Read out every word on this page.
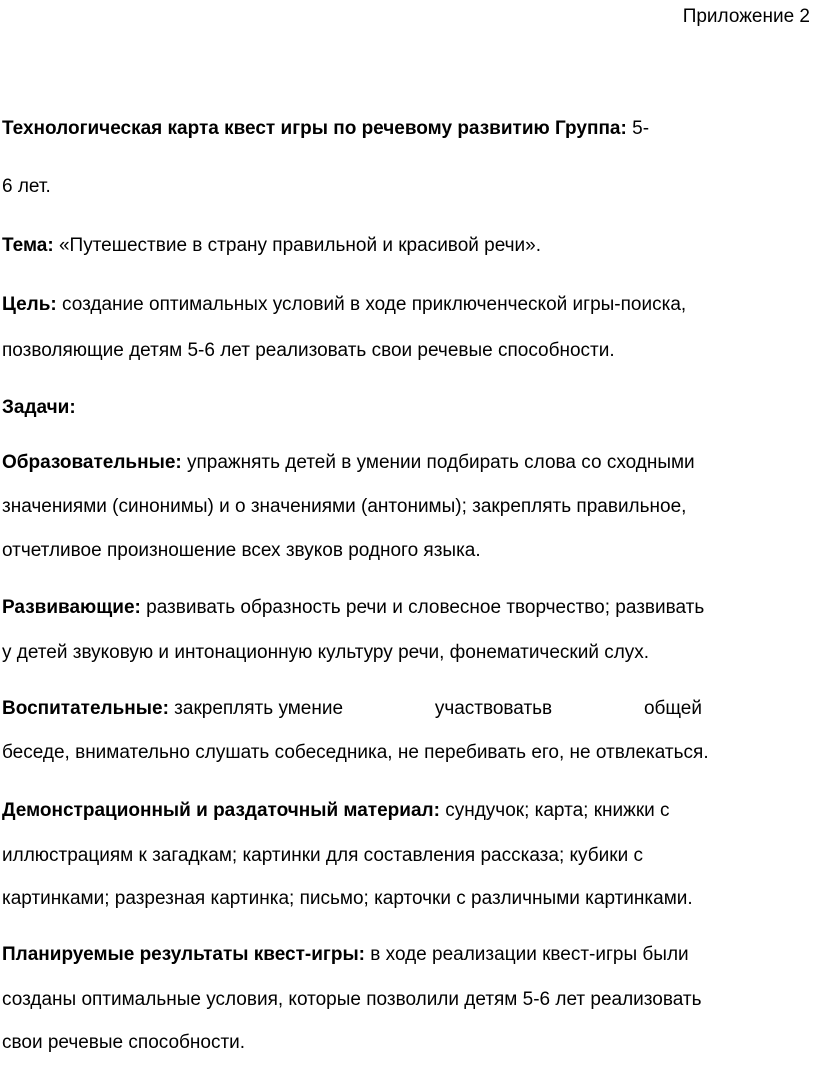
Приложение 2
Технологическая карта квест игры по речевому развитию Группа: 5-
6 лет.
Тема: «Путешествие в страну правильной и красивой речи».
Цель: создание оптимальных условий в ходе приключенческой игры-поиска,
позволяющие детям 5-6 лет реализовать свои речевые способности.
Задачи:
Образовательные: упражнять детей в умении подбирать слова со сходными
значениями (синонимы) и о значениями (антонимы); закреплять правильное,
отчетливое произношение всех звуков родного языка.
Развивающие: развивать образность речи и словесное творчество; развивать
у детей звуковую и интонационную культуру речи, фонематический слух.
Воспитательные: закреплять умение	участвоватьв	общей
беседе, внимательно слушать собеседника, не перебивать его, не отвлекаться.
Демонстрационный и раздаточный материал: сундучок; карта; книжки с
иллюстрациям к загадкам; картинки для составления рассказа; кубики с
картинками; разрезная картинка; письмо; карточки с различными картинками.
Планируемые результаты квест-игры: в ходе реализации квест-игры были
созданы оптимальные условия, которые позволили детям 5-6 лет реализовать
свои речевые способности.
